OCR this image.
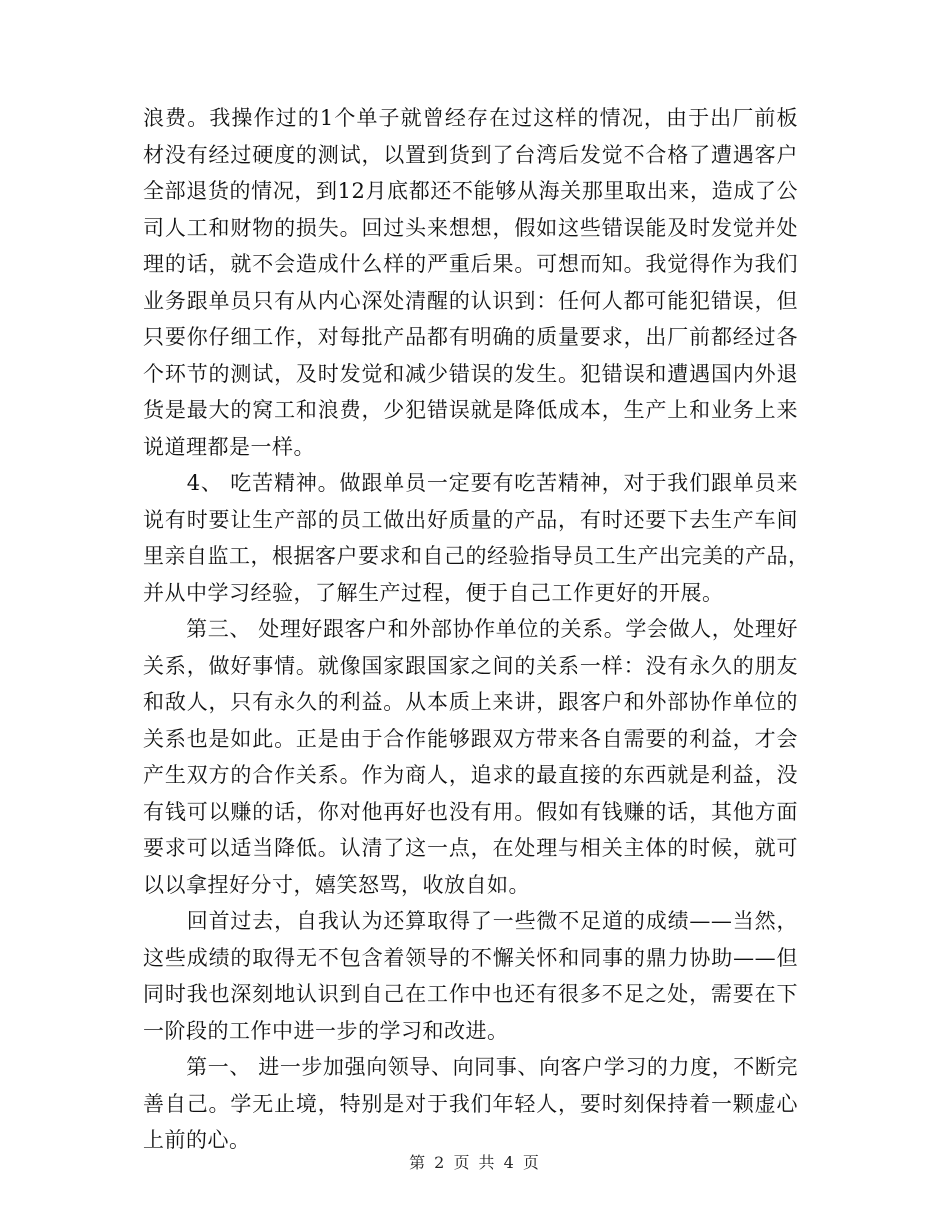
浪费。我操作过的1个单子就曾经存在过这样的情况，由于出厂前板
材没有经过硬度的测试，以置到货到了台湾后发觉不合格了遭遇客户
全部退货的情况，到12月底都还不能够从海关那里取出来，造成了公
司人工和财物的损失。回过头来想想，假如这些错误能及时发觉并处
理的话，就不会造成什么样的严重后果。可想而知。我觉得作为我们
业务跟单员只有从内心深处清醒的认识到：任何人都可能犯错误，但
只要你仔细工作，对每批产品都有明确的质量要求，出厂前都经过各
个环节的测试，及时发觉和减少错误的发生。犯错误和遭遇国内外退
货是最大的窝工和浪费，少犯错误就是降低成本，生产上和业务上来
说道理都是一样。
　　4、 吃苦精神。做跟单员一定要有吃苦精神，对于我们跟单员来
说有时要让生产部的员工做出好质量的产品，有时还要下去生产车间
里亲自监工，根据客户要求和自己的经验指导员工生产出完美的产品，
并从中学习经验，了解生产过程，便于自己工作更好的开展。
　　第三、 处理好跟客户和外部协作单位的关系。学会做人，处理好
关系，做好事情。就像国家跟国家之间的关系一样：没有永久的朋友
和敌人，只有永久的利益。从本质上来讲，跟客户和外部协作单位的
关系也是如此。正是由于合作能够跟双方带来各自需要的利益，才会
产生双方的合作关系。作为商人，追求的最直接的东西就是利益，没
有钱可以赚的话，你对他再好也没有用。假如有钱赚的话，其他方面
要求可以适当降低。认清了这一点，在处理与相关主体的时候，就可
以以拿捏好分寸，嬉笑怒骂，收放自如。
　　回首过去，自我认为还算取得了一些微不足道的成绩——当然，
这些成绩的取得无不包含着领导的不懈关怀和同事的鼎力协助——但
同时我也深刻地认识到自己在工作中也还有很多不足之处，需要在下
一阶段的工作中进一步的学习和改进。
　　第一、 进一步加强向领导、向同事、向客户学习的力度，不断完
善自己。学无止境，特别是对于我们年轻人，要时刻保持着一颗虚心
上前的心。
第 2 页 共 4 页
